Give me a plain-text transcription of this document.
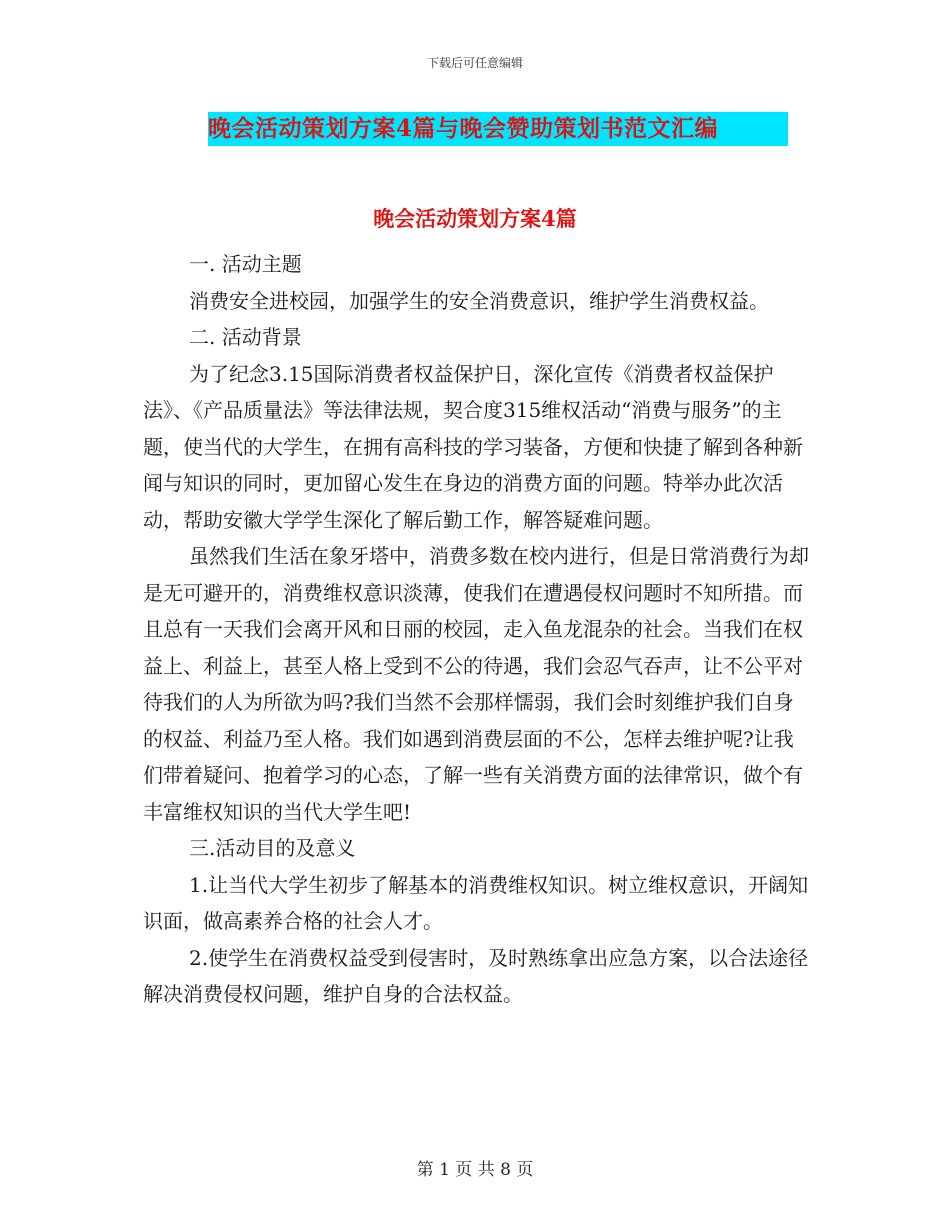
下载后可任意编辑
晚会活动策划方案4篇与晚会赞助策划书范文汇编
晚会活动策划方案4篇

一. 活动主题

消费安全进校园，加强学生的安全消费意识，维护学生消费权益。

二. 活动背景

为了纪念3.15国际消费者权益保护日，深化宣传《消费者权益保护法》、《产品质量法》等法律法规，契合度315维权活动“消费与服务”的主题，使当代的大学生，在拥有高科技的学习装备，方便和快捷了解到各种新闻与知识的同时，更加留心发生在身边的消费方面的问题。特举办此次活动，帮助安徽大学学生深化了解后勤工作，解答疑难问题。

虽然我们生活在象牙塔中，消费多数在校内进行，但是日常消费行为却是无可避开的，消费维权意识淡薄，使我们在遭遇侵权问题时不知所措。而且总有一天我们会离开风和日丽的校园，走入鱼龙混杂的社会。当我们在权益上、利益上，甚至人格上受到不公的待遇，我们会忍气吞声，让不公平对待我们的人为所欲为吗?我们当然不会那样懦弱，我们会时刻维护我们自身的权益、利益乃至人格。我们如遇到消费层面的不公，怎样去维护呢?让我们带着疑问、抱着学习的心态，了解一些有关消费方面的法律常识，做个有丰富维权知识的当代大学生吧!

三.活动目的及意义

1.让当代大学生初步了解基本的消费维权知识。树立维权意识，开阔知识面，做高素养合格的社会人才。

2.使学生在消费权益受到侵害时，及时熟练拿出应急方案，以合法途径解决消费侵权问题，维护自身的合法权益。

第 1 页 共 8 页
